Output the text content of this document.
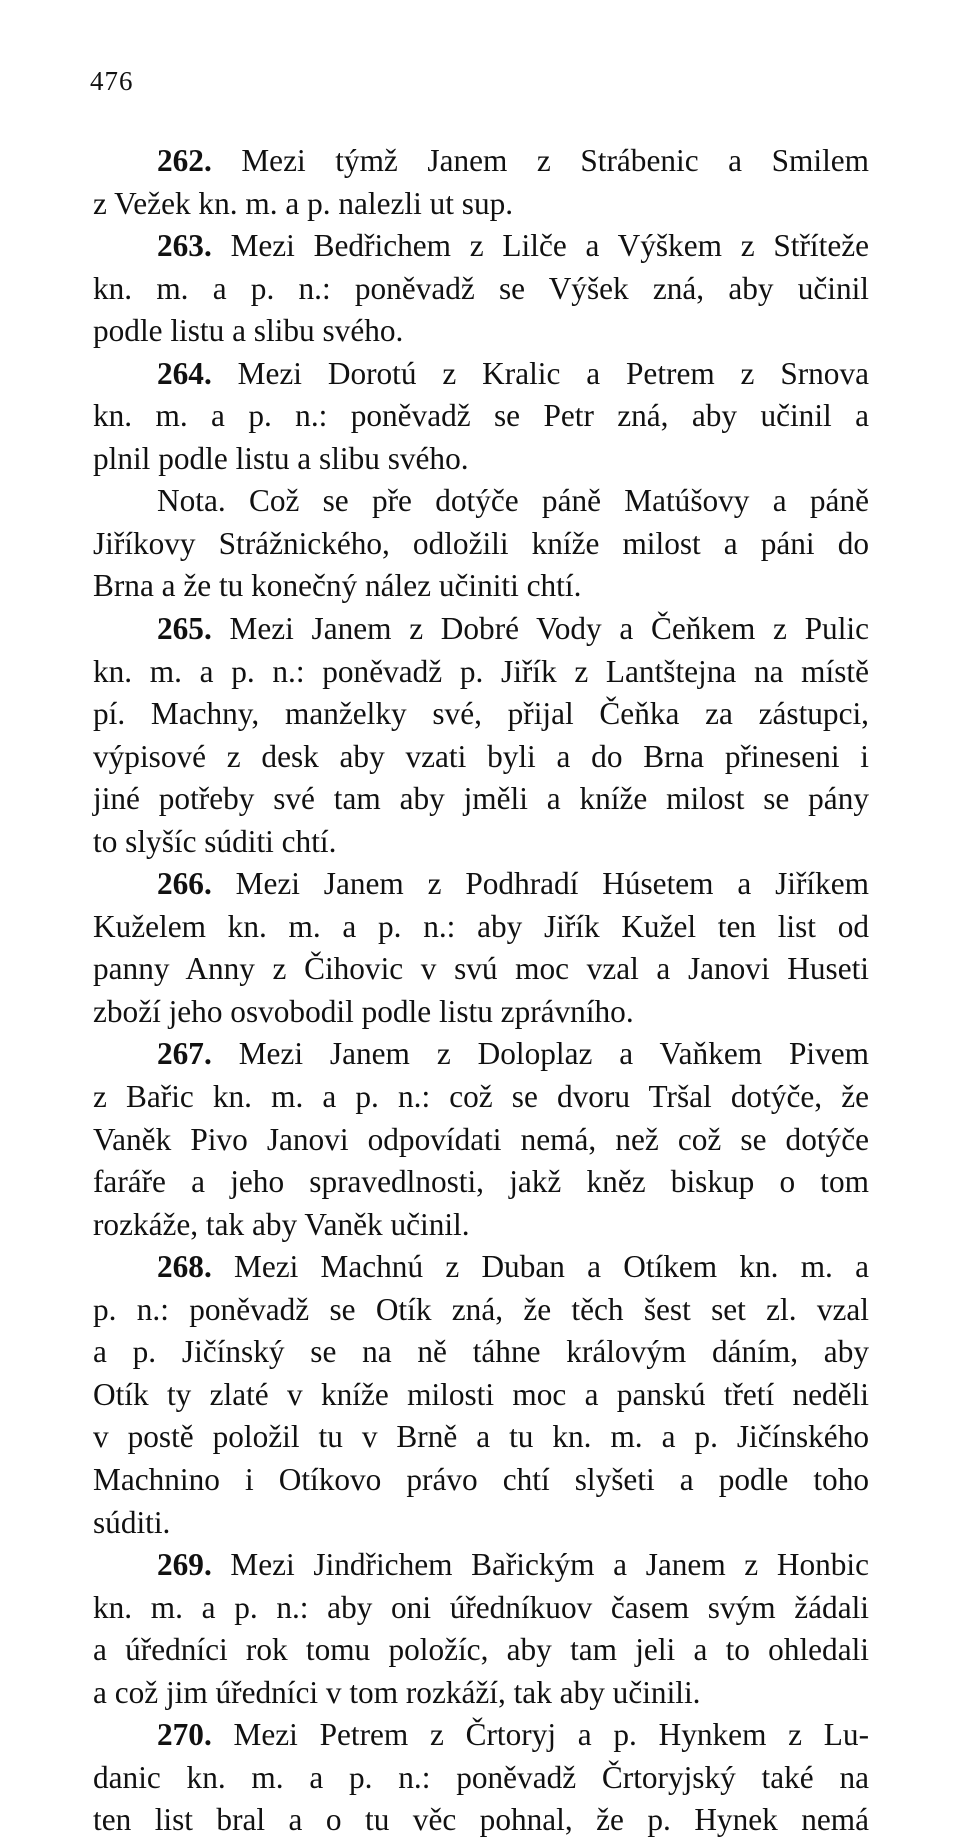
476
262. Mezi týmž Janem z Strábenic a Smilem
z Vežek kn. m. a p. nalezli ut sup.
263. Mezi Bedřichem z Lilče a Výškem z Stříteže
kn. m. a p. n.: poněvadž se Výšek zná, aby učinil
podle listu a slibu svého.
264. Mezi Dorotú z Kralic a Petrem z Srnova
kn. m. a p. n.: poněvadž se Petr zná, aby učinil a
plnil podle listu a slibu svého.
Nota. Což se pře dotýče páně Matúšovy a páně
Jiříkovy Strážnického, odložili kníže milost a páni do
Brna a že tu konečný nález učiniti chtí.
265. Mezi Janem z Dobré Vody a Čeňkem z Pulic
kn. m. a p. n.: poněvadž p. Jiřík z Lantštejna na místě
pí. Machny, manželky své, přijal Čeňka za zástupci,
výpisové z desk aby vzati byli a do Brna přineseni i
jiné potřeby své tam aby jměli a kníže milost se pány
to slyšíc súditi chtí.
266. Mezi Janem z Podhradí Húsetem a Jiříkem
Kuželem kn. m. a p. n.: aby Jiřík Kužel ten list od
panny Anny z Čihovic v svú moc vzal a Janovi Huseti
zboží jeho osvobodil podle listu zprávního.
267. Mezi Janem z Doloplaz a Vaňkem Pivem
z Bařic kn. m. a p. n.: což se dvoru Tršal dotýče, že
Vaněk Pivo Janovi odpovídati nemá, než což se dotýče
faráře a jeho spravedlnosti, jakž kněz biskup o tom
rozkáže, tak aby Vaněk učinil.
268. Mezi Machnú z Duban a Otíkem kn. m. a
p. n.: poněvadž se Otík zná, že těch šest set zl. vzal
a p. Jičínský se na ně táhne královým dáním, aby
Otík ty zlaté v kníže milosti moc a panskú třetí neděli
v postě položil tu v Brně a tu kn. m. a p. Jičínského
Machnino i Otíkovo právo chtí slyšeti a podle toho
súditi.
269. Mezi Jindřichem Bařickým a Janem z Honbic
kn. m. a p. n.: aby oni úředníkuov časem svým žádali
a úředníci rok tomu položíc, aby tam jeli a to ohledali
a což jim úředníci v tom rozkáží, tak aby učinili.
270. Mezi Petrem z Črtoryj a p. Hynkem z Lu-
danic kn. m. a p. n.: poněvadž Črtoryjský také na
ten list bral a o tu věc pohnal, že p. Hynek nemá
